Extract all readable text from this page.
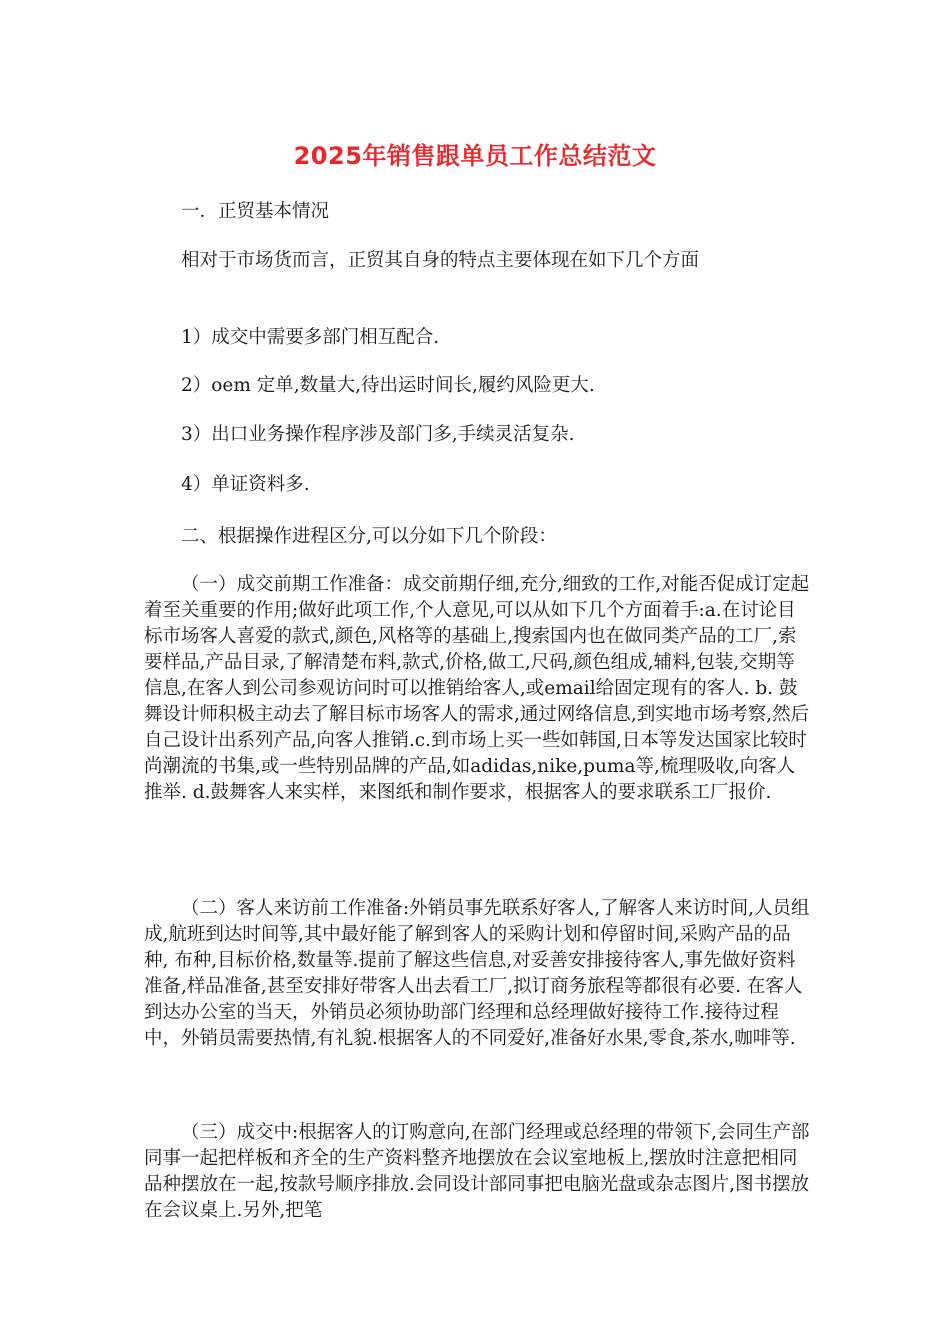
2025年销售跟单员工作总结范文

一．正贸基本情况

相对于市场货而言，正贸其自身的特点主要体现在如下几个方面

1）成交中需要多部门相互配合.

2）oem 定单,数量大,待出运时间长,履约风险更大.

3）出口业务操作程序涉及部门多,手续灵活复杂.

4）单证资料多.

二、根据操作进程区分,可以分如下几个阶段：

（一）成交前期工作准备：成交前期仔细,充分,细致的工作,对能否促成订定起着至关重要的作用;做好此项工作,个人意见,可以从如下几个方面着手:a.在讨论目标市场客人喜爱的款式,颜色,风格等的基础上,搜索国内也在做同类产品的工厂,索要样品,产品目录,了解清楚布料,款式,价格,做工,尺码,颜色组成,辅料,包装,交期等信息,在客人到公司参观访问时可以推销给客人,或email给固定现有的客人. b. 鼓舞设计师积极主动去了解目标市场客人的需求,通过网络信息,到实地市场考察,然后自己设计出系列产品,向客人推销.c.到市场上买一些如韩国,日本等发达国家比较时尚潮流的书集,或一些特别品牌的产品,如adidas,nike,puma等,梳理吸收,向客人推举. d.鼓舞客人来实样，来图纸和制作要求，根据客人的要求联系工厂报价.

（二）客人来访前工作准备:外销员事先联系好客人,了解客人来访时间,人员组成,航班到达时间等,其中最好能了解到客人的采购计划和停留时间,采购产品的品种, 布种,目标价格,数量等.提前了解这些信息,对妥善安排接待客人,事先做好资料准备,样品准备,甚至安排好带客人出去看工厂,拟订商务旅程等都很有必要. 在客人到达办公室的当天，外销员必须协助部门经理和总经理做好接待工作.接待过程中，外销员需要热情,有礼貌.根据客人的不同爱好,准备好水果,零食,茶水,咖啡等.

（三）成交中:根据客人的订购意向,在部门经理或总经理的带领下,会同生产部同事一起把样板和齐全的生产资料整齐地摆放在会议室地板上,摆放时注意把相同品种摆放在一起,按款号顺序排放.会同设计部同事把电脑光盘或杂志图片,图书摆放在会议桌上.另外,把笔
